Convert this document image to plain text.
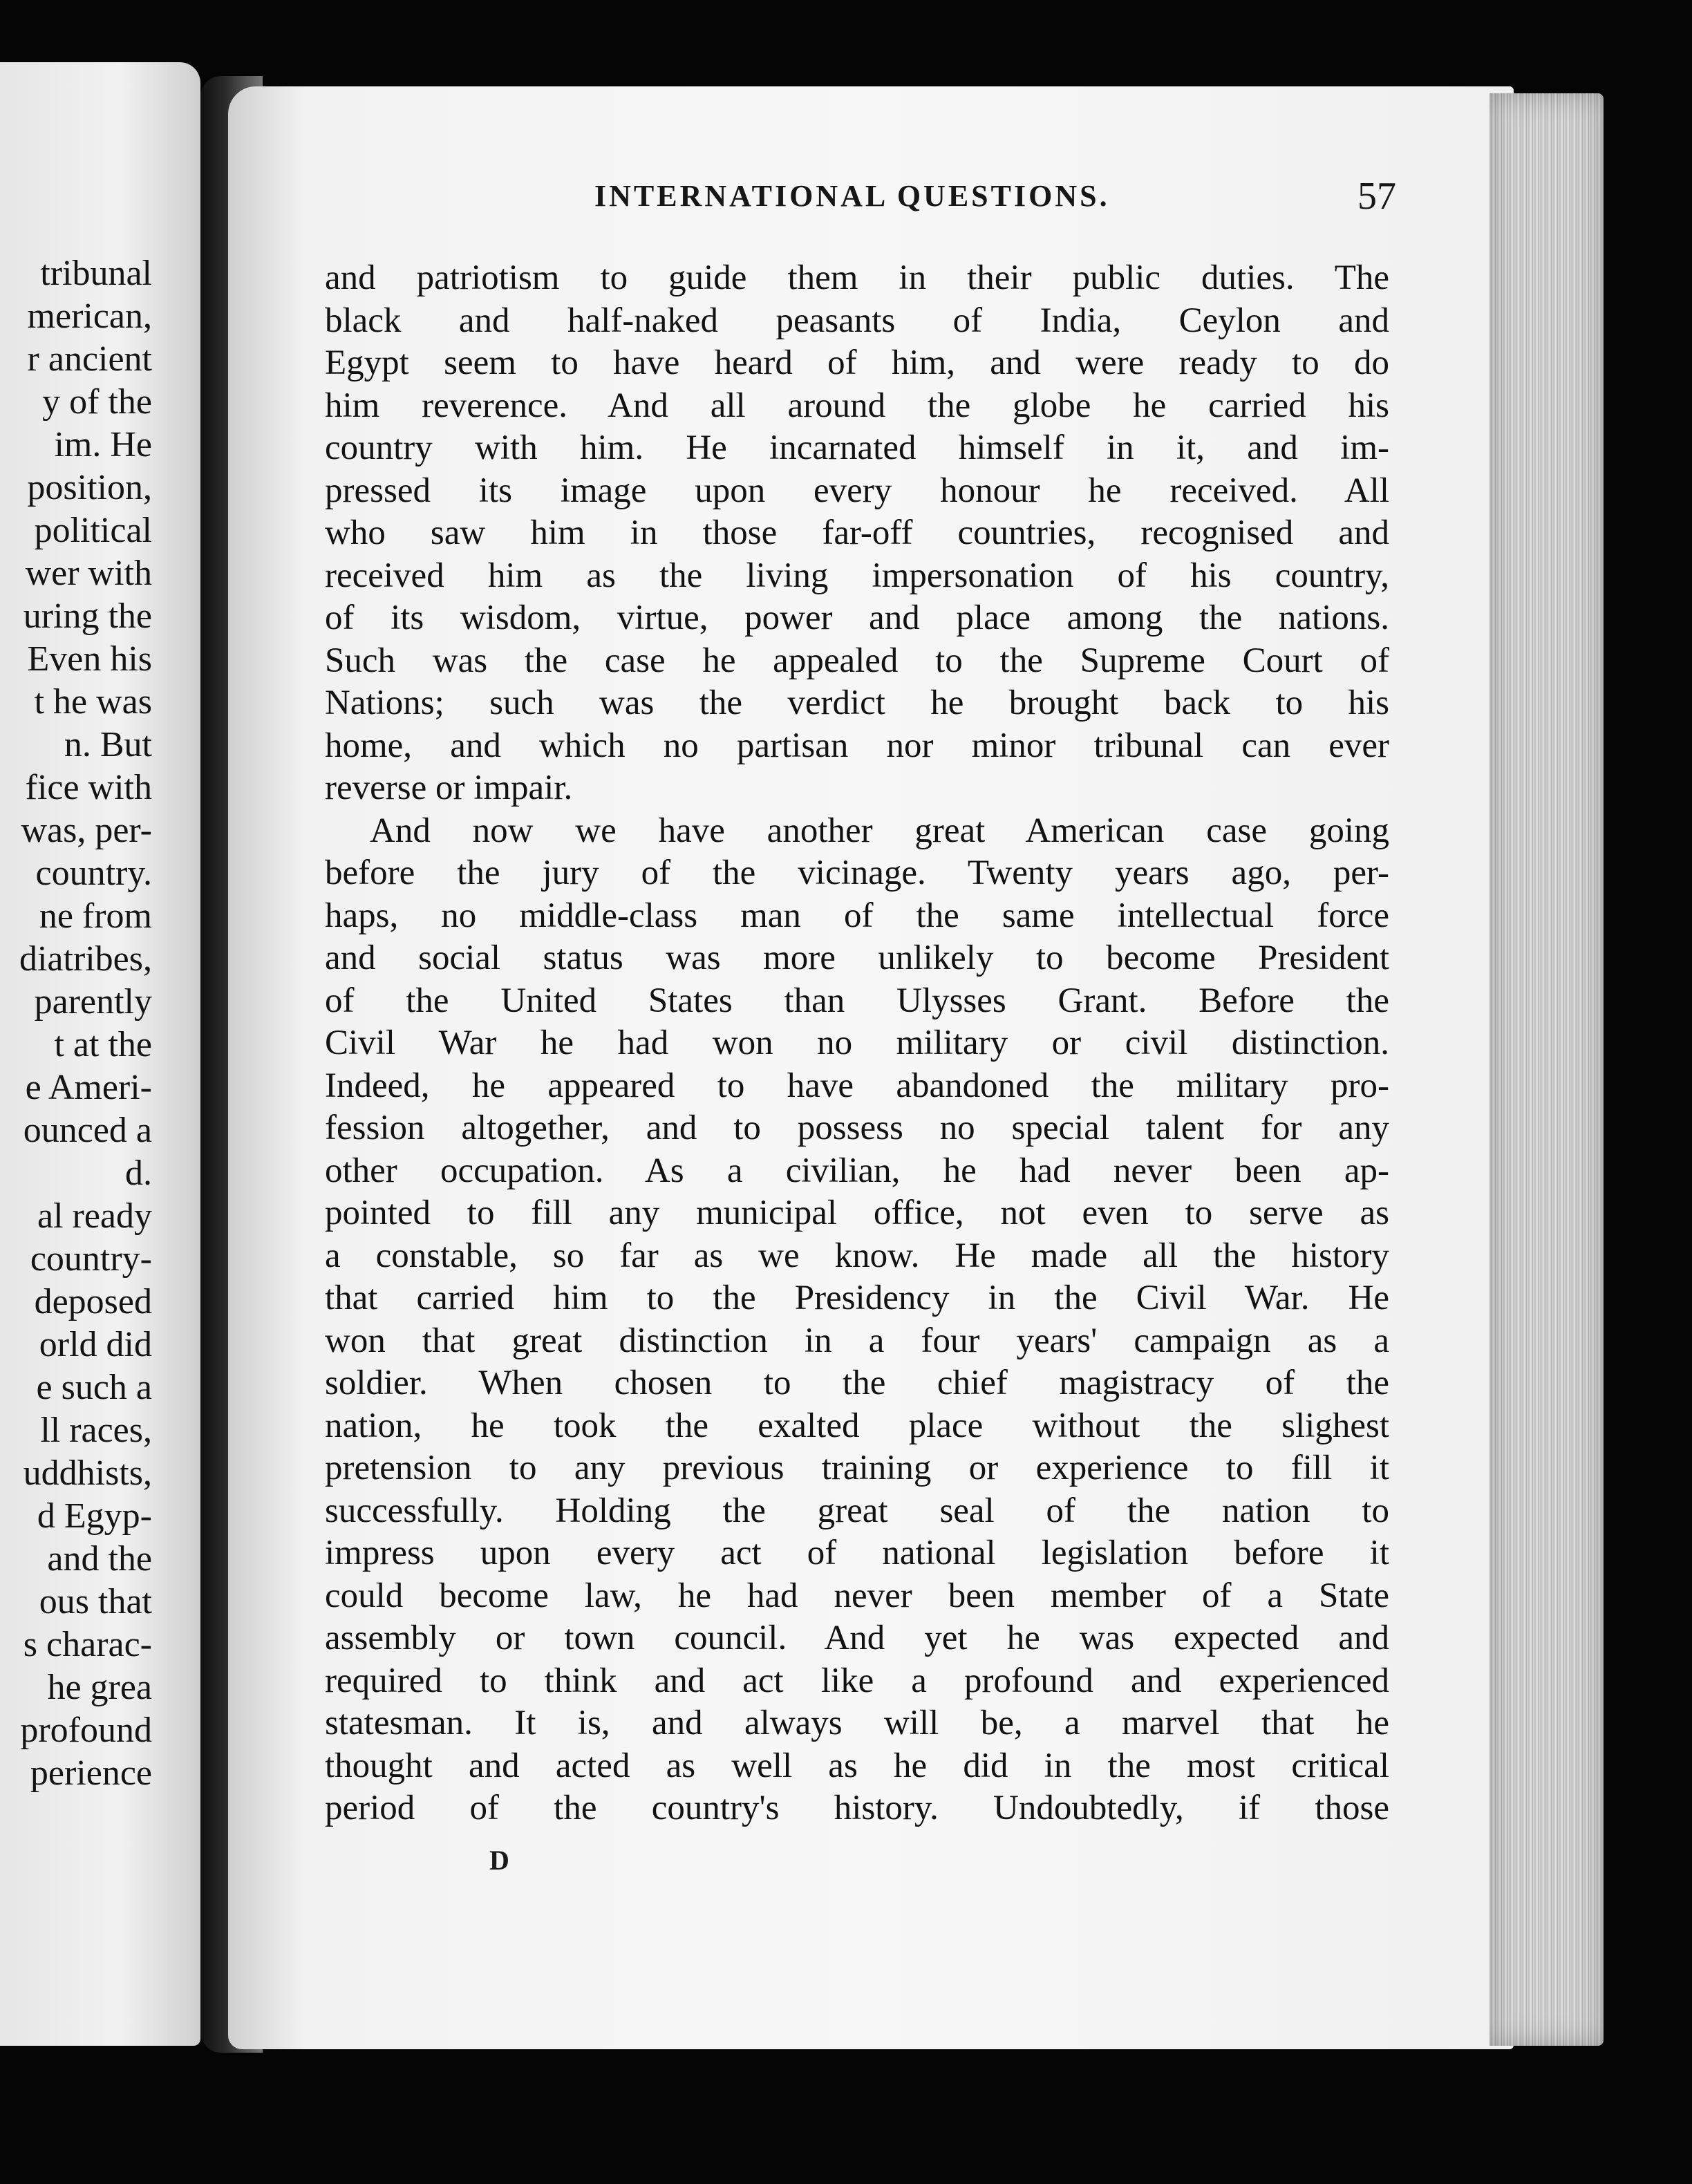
tribunal
merican,
r ancient
y of the
im. He
position,
political
wer with
uring the
Even his
t he was
n. But
fice with
was, per-
country.
ne from
diatribes,
parently
t at the
e Ameri-
ounced a
d.
al ready
country-
deposed
orld did
e such a
ll races,
uddhists,
d Egyp-
and the
ous that
s charac-
he grea
profound
perience
INTERNATIONAL QUESTIONS.	57
and patriotism to guide them in their public duties. The
black and half-naked peasants of India, Ceylon and
Egypt seem to have heard of him, and were ready to do
him reverence. And all around the globe he carried his
country with him. He incarnated himself in it, and im-
pressed its image upon every honour he received. All
who saw him in those far-off countries, recognised and
received him as the living impersonation of his country,
of its wisdom, virtue, power and place among the nations.
Such was the case he appealed to the Supreme Court of
Nations; such was the verdict he brought back to his
home, and which no partisan nor minor tribunal can ever
reverse or impair.
And now we have another great American case going
before the jury of the vicinage. Twenty years ago, per-
haps, no middle-class man of the same intellectual force
and social status was more unlikely to become President
of the United States than Ulysses Grant. Before the
Civil War he had won no military or civil distinction.
Indeed, he appeared to have abandoned the military pro-
fession altogether, and to possess no special talent for any
other occupation. As a civilian, he had never been ap-
pointed to fill any municipal office, not even to serve as
a constable, so far as we know. He made all the history
that carried him to the Presidency in the Civil War. He
won that great distinction in a four years' campaign as a
soldier. When chosen to the chief magistracy of the
nation, he took the exalted place without the slighest
pretension to any previous training or experience to fill it
successfully. Holding the great seal of the nation to
impress upon every act of national legislation before it
could become law, he had never been member of a State
assembly or town council. And yet he was expected and
required to think and act like a profound and experienced
statesman. It is, and always will be, a marvel that he
thought and acted as well as he did in the most critical
period of the country's history. Undoubtedly, if those
D
